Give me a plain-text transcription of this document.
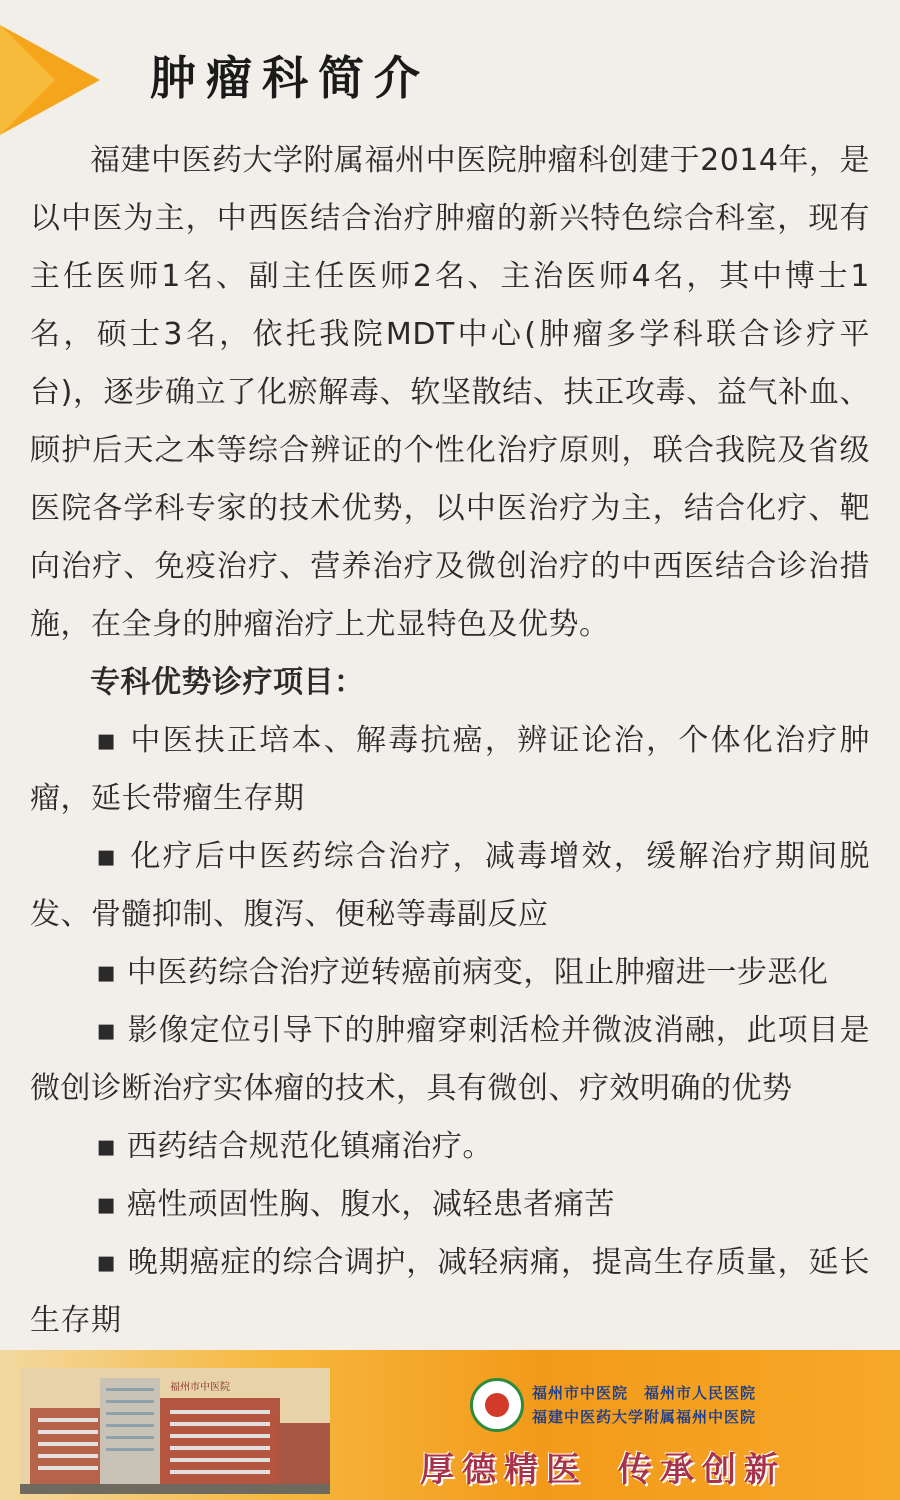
肿瘤科简介

福建中医药大学附属福州中医院肿瘤科创建于2014年，是以中医为主，中西医结合治疗肿瘤的新兴特色综合科室，现有主任医师1名、副主任医师2名、主治医师4名，其中博士1名，硕士3名，依托我院MDT中心(肿瘤多学科联合诊疗平台)，逐步确立了化瘀解毒、软坚散结、扶正攻毒、益气补血、顾护后天之本等综合辨证的个性化治疗原则，联合我院及省级医院各学科专家的技术优势，以中医治疗为主，结合化疗、靶向治疗、免疫治疗、营养治疗及微创治疗的中西医结合诊治措施，在全身的肿瘤治疗上尤显特色及优势。

专科优势诊疗项目：

▪ 中医扶正培本、解毒抗癌，辨证论治，个体化治疗肿瘤，延长带瘤生存期

▪ 化疗后中医药综合治疗，减毒增效，缓解治疗期间脱发、骨髓抑制、腹泻、便秘等毒副反应

▪ 中医药综合治疗逆转癌前病变，阻止肿瘤进一步恶化

▪ 影像定位引导下的肿瘤穿刺活检并微波消融，此项目是微创诊断治疗实体瘤的技术，具有微创、疗效明确的优势

▪ 西药结合规范化镇痛治疗。

▪ 癌性顽固性胸、腹水，减轻患者痛苦

▪ 晚期癌症的综合调护，减轻病痛，提高生存质量，延长生存期

福州市中医院	福州市中医院　福州市人民医院
福建中医药大学附属福州中医院
厚德精医 传承创新
